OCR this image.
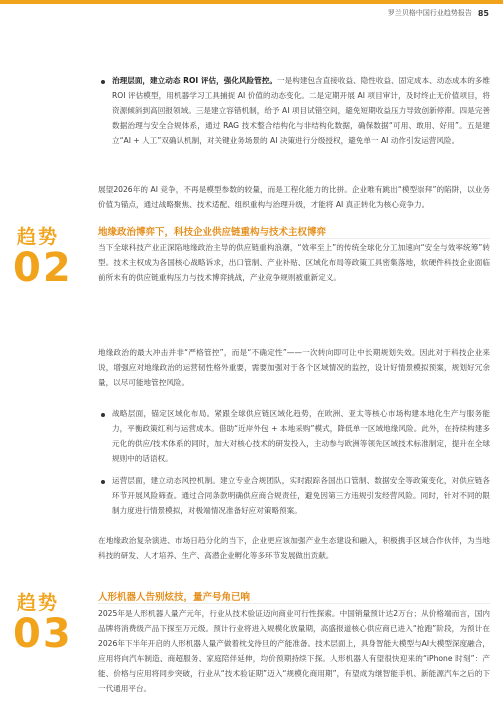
罗兰贝格中国行业趋势报告 85

治理层面，建立动态 ROI 评估，强化风险管控。一是构建包含直接收益、隐性收益、固定成本、动态成本的多维 ROI 评估模型，用机器学习工具捕捉 AI 价值的动态变化。二是定期开展 AI 项目审计，及时终止无价值项目，将资源倾斜到高回报领域。三是建立容错机制，给予 AI 项目试错空间，避免短期收益压力导致创新停滞。四是完善数据治理与安全合规体系，通过 RAG 技术整合结构化与非结构化数据，确保数据“可用、敢用、好用”。五是建立“AI + 人工”双确认机制，对关键业务场景的 AI 决策进行分级授权，避免单一 AI 动作引发运营风险。

展望2026年的 AI 竞争，不再是模型参数的较量，而是工程化能力的比拼。企业唯有跳出“模型崇拜”的陷阱，以业务价值为锚点，通过战略聚焦、技术适配、组织重构与治理升级，才能将 AI 真正转化为核心竞争力。

趋势
02
地缘政治博弈下，科技企业供应链重构与技术主权博弈

当下全球科技产业正深陷地缘政治主导的供应链重构浪潮，“效率至上”的传统全球化分工加速向“安全与效率统筹”转型。技术主权成为各国核心战略诉求，出口管制、产业补贴、区域化布局等政策工具密集落地，软硬件科技企业面临前所未有的供应链重构压力与技术博弈挑战，产业竞争规则被重新定义。

地缘政治的最大冲击并非“严格管控”，而是“不确定性”——一次转向即可让中长期规划失效。因此对于科技企业来说，增强应对地缘政治的运营韧性格外重要，需要加强对于各个区域情况的监控，设计好情景模拟预案，规划好冗余量，以尽可能地管控风险。

战略层面，锚定区域化布局。紧跟全球供应链区域化趋势，在欧洲、亚太等核心市场构建本地化生产与服务能力，平衡政策红利与运营成本。借助“近岸外包 + 本地采购”模式，降低单一区域地缘风险。此外，在持续构建多元化的供应/技术体系的同时，加大对核心技术的研发投入，主动参与欧洲等领先区域技术标准制定，提升在全球规则中的话语权。

运营层面，建立动态风控机制。建立专业合规团队，实时跟踪各国出口管制、数据安全等政策变化，对供应链各环节开展风险筛查。通过合同条款明确供应商合规责任，避免因第三方违规引发经营风险。同时，针对不同的限制力度进行情景模拟，对极端情况准备好应对策略预案。

在地缘政治复杂演进、市场日趋分化的当下，企业更应该加强产业生态建设和融入，积极携手区域合作伙伴，为当地科技的研发、人才培养、生产、高潜企业孵化等多环节发展做出贡献。

趋势
03
人形机器人告别炫技，量产号角已响

2025年是人形机器人量产元年，行业从技术验证迈向商业可行性探索。中国销量预计达2万台；从价格端而言，国内品牌将消费级产品下探至万元级。预计行业将进入规模化放量期，高盛报道核心供应商已进入“抢跑”阶段，为预计在2026年下半年开启的人形机器人量产做着枕戈待旦的产能准备。技术层面上，具身智能大模型与AI大模型深度融合，应用将向汽车制造、商超服务、家庭陪伴延伸，均价预期持续下探。人形机器人有望很快迎来的“iPhone 时刻”：产能、价格与应用将同步突破，行业从“技术验证期”迈入“规模化商用期”，有望成为继智能手机、新能源汽车之后的下一代通用平台。
